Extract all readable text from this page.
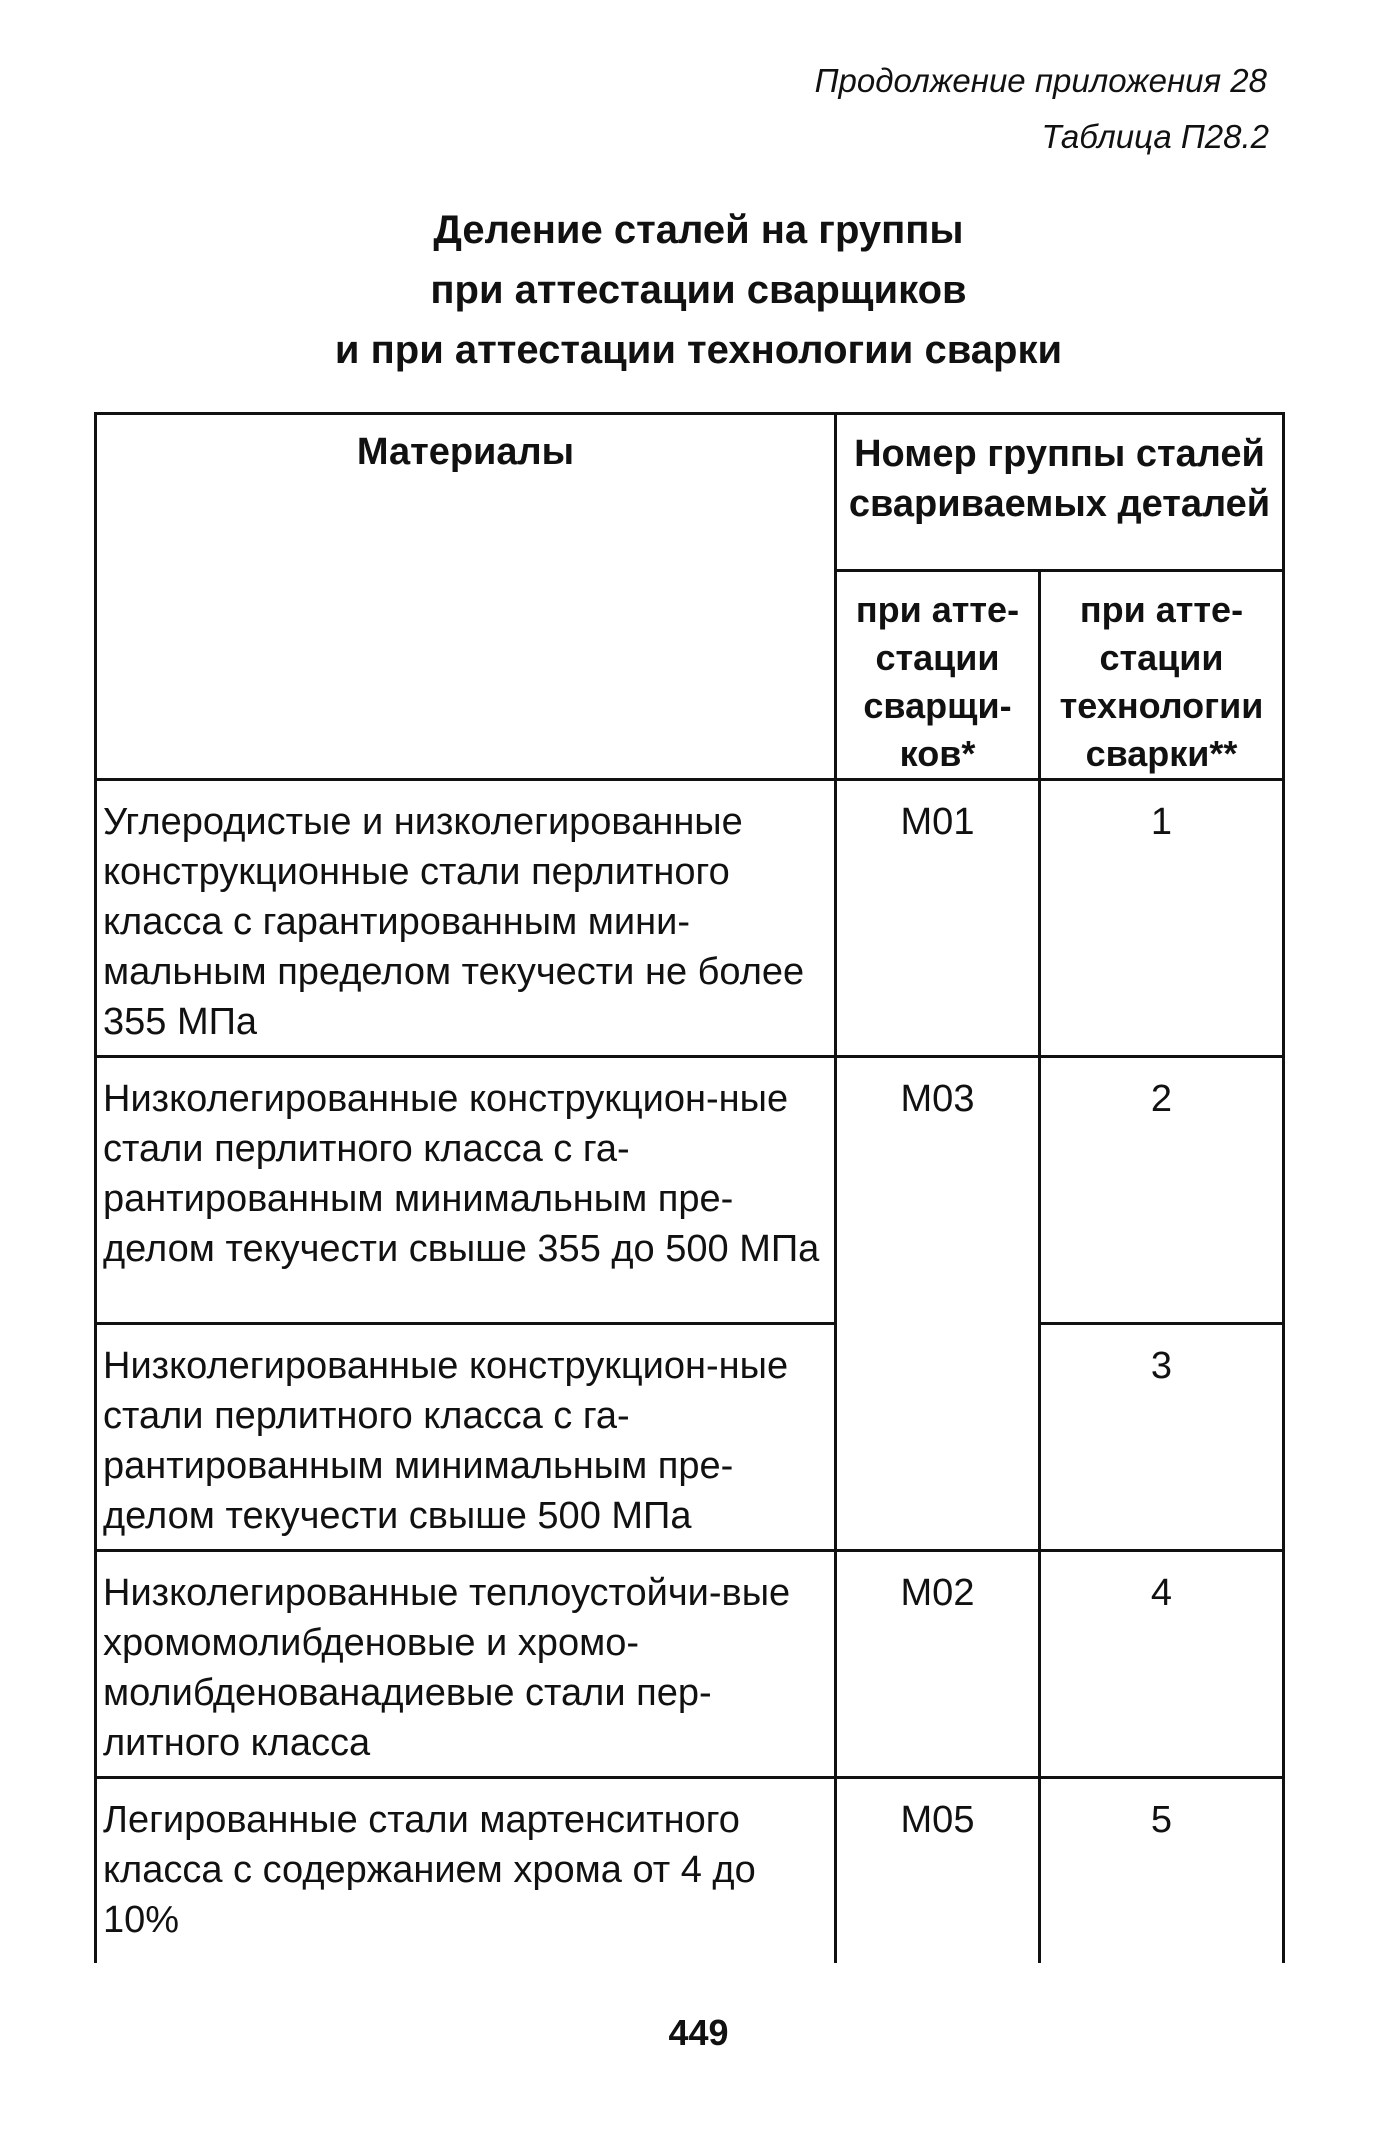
Продолжение приложения 28
Таблица П28.2
Деление сталей на группы
при аттестации сварщиков
и при аттестации технологии сварки
Материалы	Номер группы сталей свариваемых деталей	
	при атте-стации сварщи-ков*	при атте-стации технологии сварки**
Углеродистые и низколегированные конструкционные стали перлитного класса с гарантированным мини-мальным пределом текучести не более 355 МПа	M01	1
Низколегированные конструкцион-ные стали перлитного класса с га-рантированным минимальным пре-делом текучести свыше 355 до 500 МПа	M03	2
Низколегированные конструкцион-ные стали перлитного класса с га-рантированным минимальным пре-делом текучести свыше 500 МПа		3
Низколегированные теплоустойчи-вые хромомолибденовые и хромо-молибденованадиевые стали пер-литного класса	M02	4
Легированные стали мартенситного класса с содержанием хрома от 4 до 10%	M05	5
449
